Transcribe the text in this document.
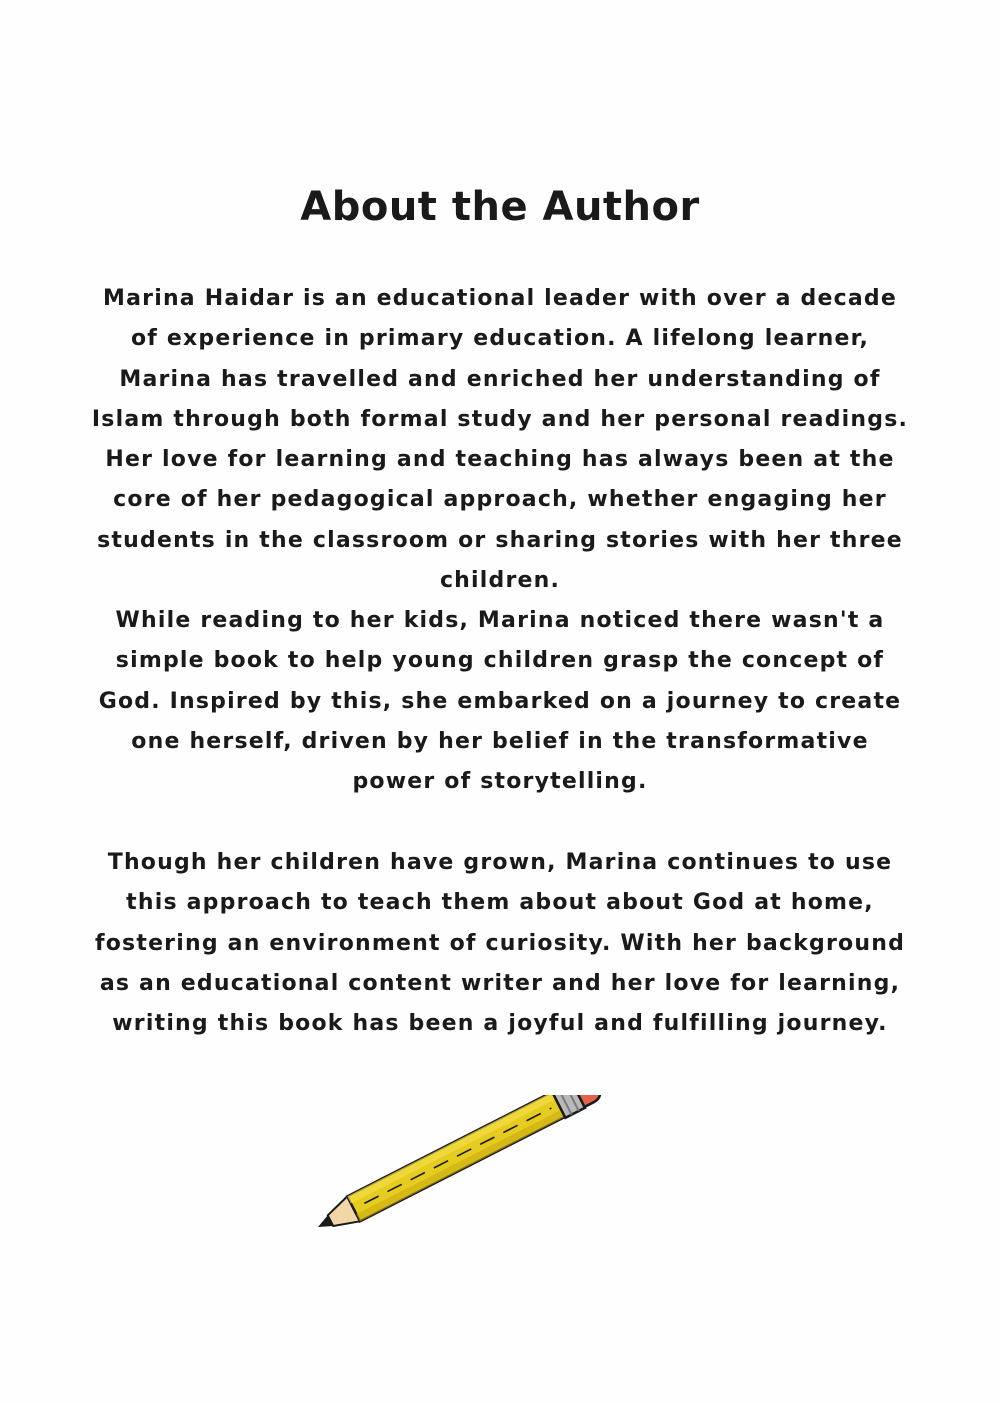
About the Author

Marina Haidar is an educational leader with over a decade of experience in primary education. A lifelong learner, Marina has travelled and enriched her understanding of Islam through both formal study and her personal readings. Her love for learning and teaching has always been at the core of her pedagogical approach, whether engaging her students in the classroom or sharing stories with her three children.

While reading to her kids, Marina noticed there wasn't a simple book to help young children grasp the concept of God. Inspired by this, she embarked on a journey to create one herself, driven by her belief in the transformative power of storytelling.

Though her children have grown, Marina continues to use this approach to teach them about about God at home, fostering an environment of curiosity. With her background as an educational content writer and her love for learning, writing this book has been a joyful and fulfilling journey.
